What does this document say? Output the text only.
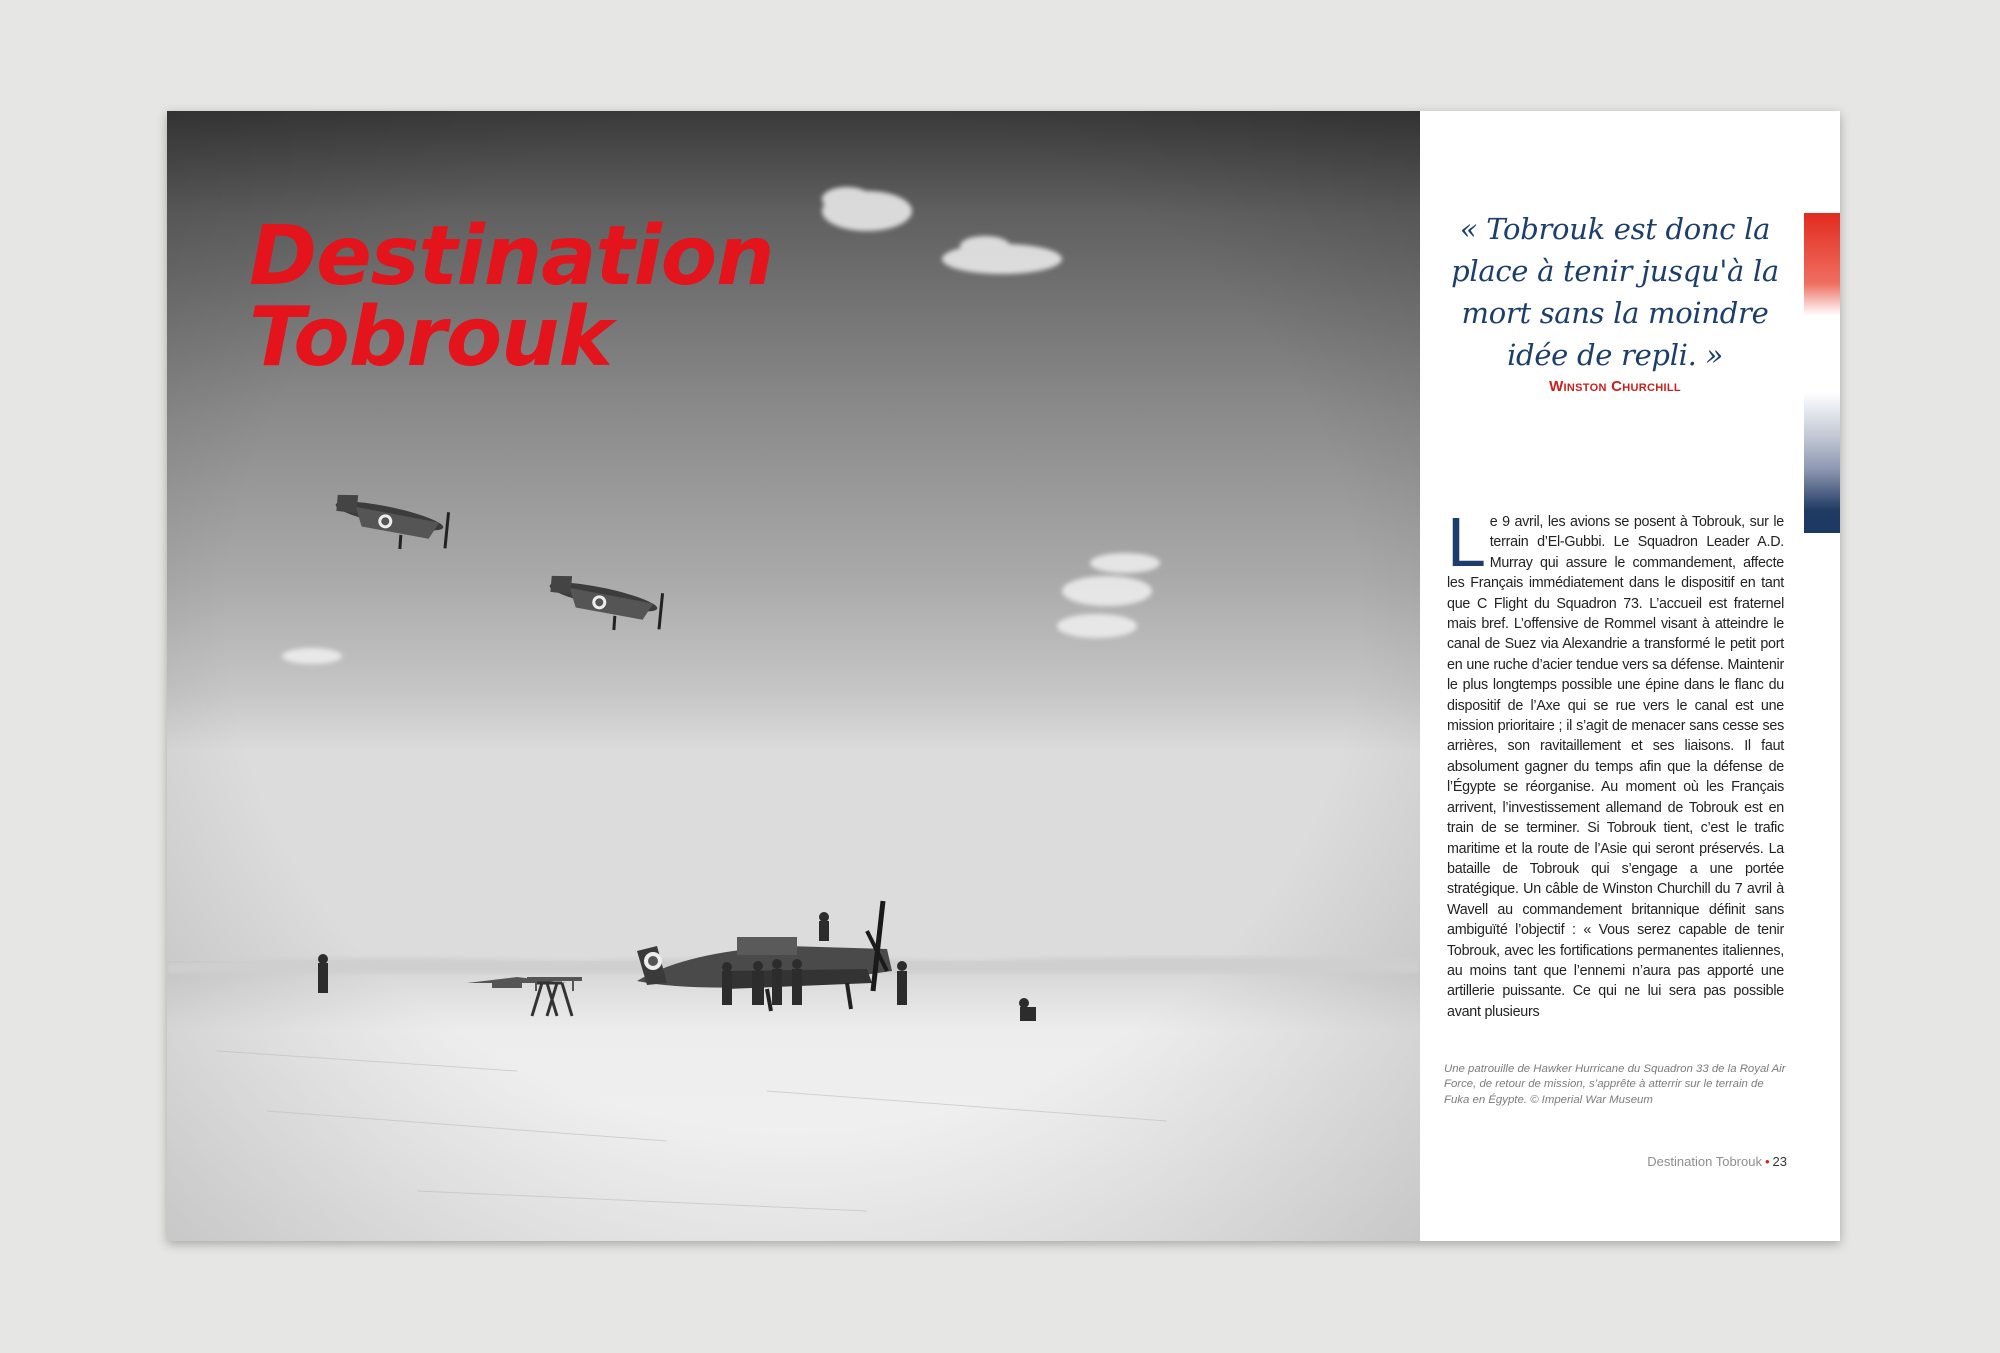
Destination
Tobrouk

« Tobrouk est donc la place à tenir jusqu'à la mort sans la moindre idée de repli. »

Winston Churchill

Le 9 avril, les avions se posent à Tobrouk, sur le terrain d’El-Gubbi. Le Squadron Leader A.D. Murray qui assure le commandement, affecte les Français immédiatement dans le dispositif en tant que C Flight du Squadron 73. L’accueil est fraternel mais bref. L’offensive de Rommel visant à atteindre le canal de Suez via Alexandrie a transformé le petit port en une ruche d’acier tendue vers sa défense. Maintenir le plus longtemps possible une épine dans le flanc du dispositif de l’Axe qui se rue vers le canal est une mission prioritaire ; il s’agit de menacer sans cesse ses arrières, son ravitaillement et ses liaisons. Il faut absolument gagner du temps afin que la défense de l’Égypte se réorganise. Au moment où les Français arrivent, l’investissement allemand de Tobrouk est en train de se terminer. Si Tobrouk tient, c’est le trafic maritime et la route de l’Asie qui seront préservés. La bataille de Tobrouk qui s’engage a une portée stratégique. Un câble de Winston Churchill du 7 avril à Wavell au commandement britannique définit sans ambiguïté l’objectif : « Vous serez capable de tenir Tobrouk, avec les fortifications permanentes italiennes, au moins tant que l’ennemi n’aura pas apporté une artillerie puissante. Ce qui ne lui sera pas possible avant plusieurs

Une patrouille de Hawker Hurricane du Squadron 33 de la Royal Air Force, de retour de mission, s’apprête à atterrir sur le terrain de Fuka en Égypte. © Imperial War Museum

Destination Tobrouk • 23
